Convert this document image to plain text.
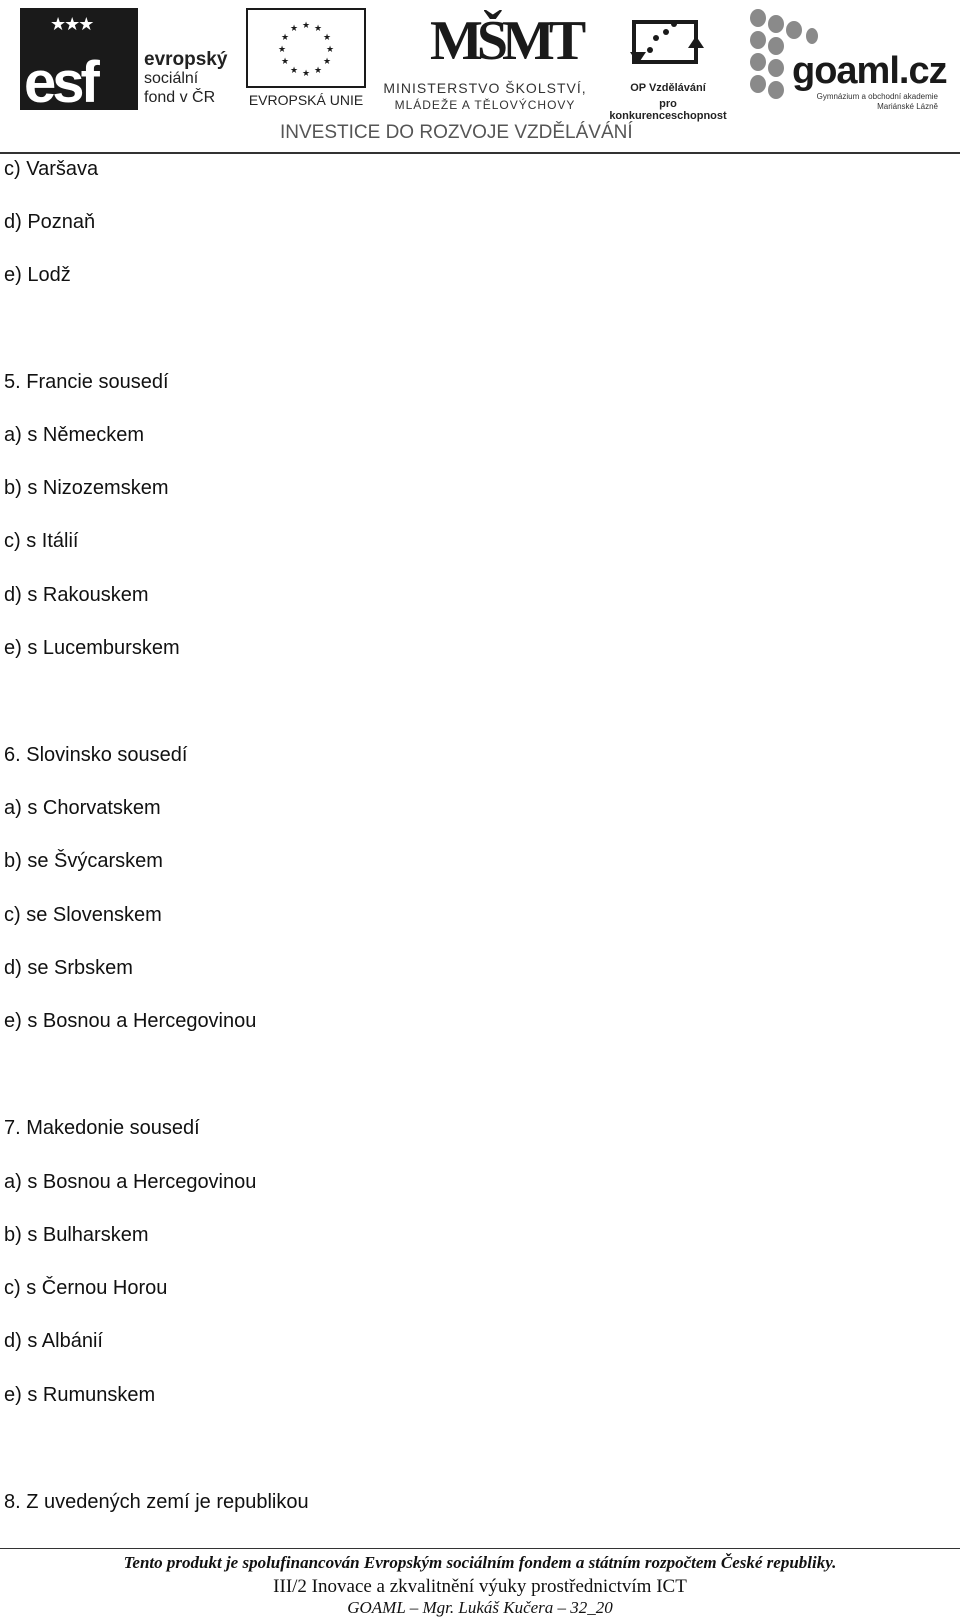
★★★
esf	evropský
sociální
fond v ČR
★ ★
★
★
★
★
★
★
★
★
★
★
EVROPSKÁ UNIE
MŠMT
MINISTERSTVO ŠKOLSTVÍ,
MLÁDEŽE A TĚLOVÝCHOVY
OP Vzdělávání
pro konkurenceschopnost
goaml.cz
Gymnázium a obchodní akademie
Mariánské Lázně
INVESTICE DO ROZVOJE VZDĚLÁVÁNÍ
c) Varšava
d) Poznaň
e) Lodž
5. Francie sousedí
a) s Německem
b) s Nizozemskem
c) s Itálií
d) s Rakouskem
e) s Lucemburskem
6. Slovinsko sousedí
a) s Chorvatskem
b) se Švýcarskem
c) se Slovenskem
d) se Srbskem
e) s Bosnou a Hercegovinou
7. Makedonie sousedí
a) s Bosnou a Hercegovinou
b) s Bulharskem
c) s Černou Horou
d) s Albánií
e) s Rumunskem
8. Z uvedených zemí je republikou
Tento produkt je spolufinancován Evropským sociálním fondem a státním rozpočtem České republiky.
III/2 Inovace a zkvalitnění výuky prostřednictvím ICT
GOAML – Mgr. Lukáš Kučera – 32_20
